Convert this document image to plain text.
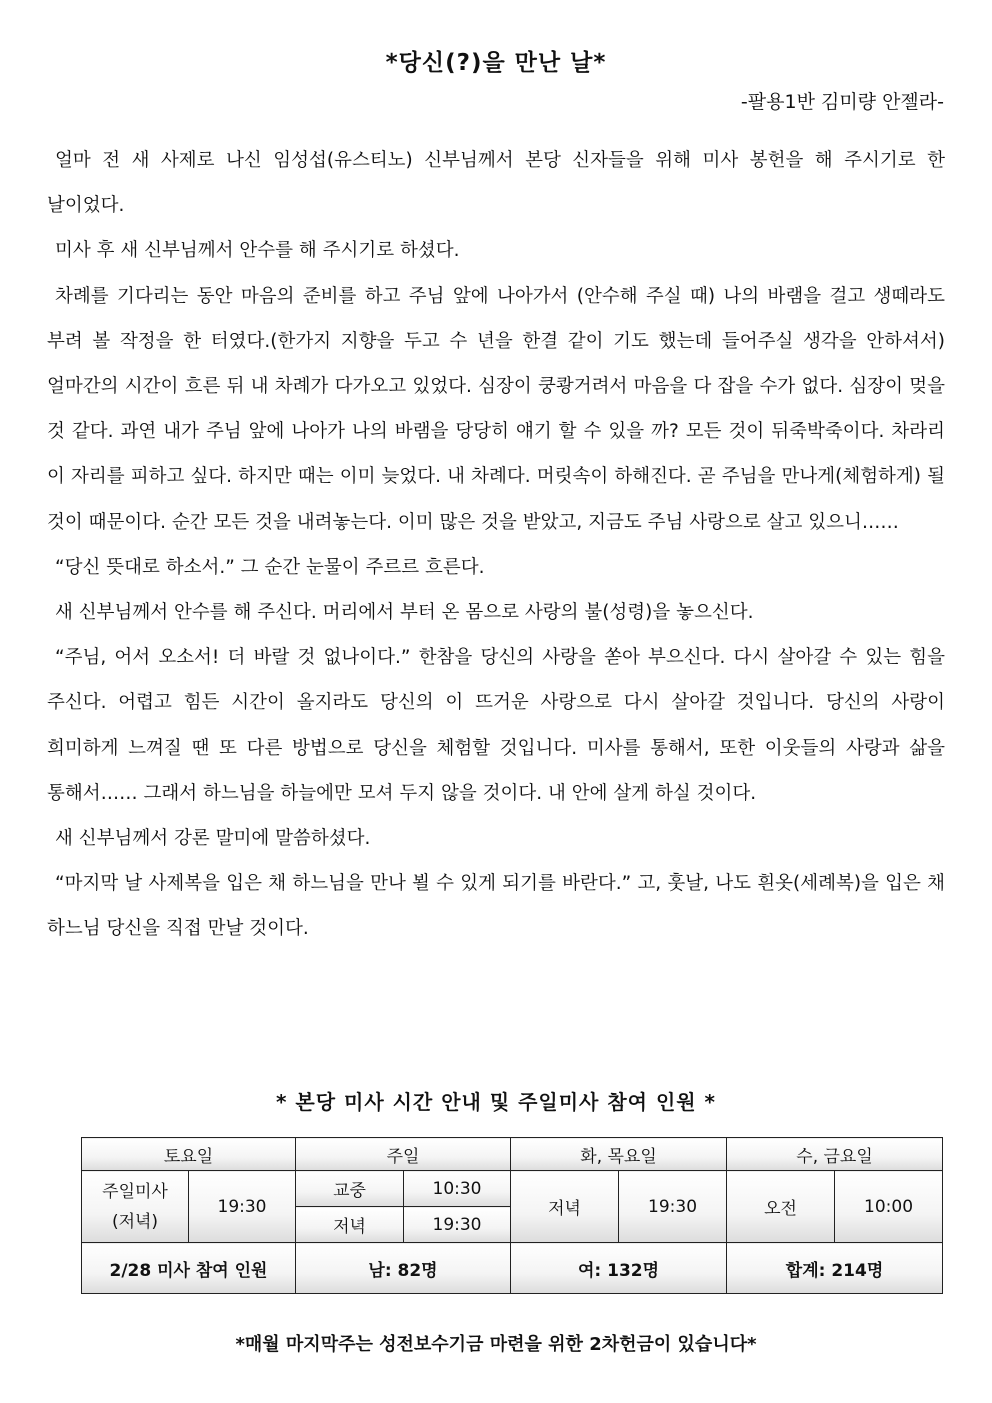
*당신(?)을 만난 날*
-팔용1반 김미량 안젤라-

얼마 전 새 사제로 나신 임성섭(유스티노) 신부님께서 본당 신자들을 위해 미사 봉헌을 해 주시기로 한 날이었다.

미사 후 새 신부님께서 안수를 해 주시기로 하셨다.

차례를 기다리는 동안 마음의 준비를 하고 주님 앞에 나아가서 (안수해 주실 때) 나의 바램을 걸고 생떼라도 부려 볼 작정을 한 터였다.(한가지 지향을 두고 수 년을 한결 같이 기도 했는데 들어주실 생각을 안하셔서) 얼마간의 시간이 흐른 뒤 내 차례가 다가오고 있었다. 심장이 쿵쾅거려서 마음을 다 잡을 수가 없다. 심장이 멎을 것 같다. 과연 내가 주님 앞에 나아가 나의 바램을 당당히 얘기 할 수 있을 까? 모든 것이 뒤죽박죽이다. 차라리 이 자리를 피하고 싶다. 하지만 때는 이미 늦었다. 내 차례다. 머릿속이 하해진다. 곧 주님을 만나게(체험하게) 될 것이 때문이다. 순간 모든 것을 내려놓는다. 이미 많은 것을 받았고, 지금도 주님 사랑으로 살고 있으니……

“당신 뜻대로 하소서.” 그 순간 눈물이 주르르 흐른다.

새 신부님께서 안수를 해 주신다. 머리에서 부터 온 몸으로 사랑의 불(성령)을 놓으신다.

“주님, 어서 오소서! 더 바랄 것 없나이다.” 한참을 당신의 사랑을 쏟아 부으신다. 다시 살아갈 수 있는 힘을 주신다. 어렵고 힘든 시간이 올지라도 당신의 이 뜨거운 사랑으로 다시 살아갈 것입니다. 당신의 사랑이 희미하게 느껴질 땐 또 다른 방법으로 당신을 체험할 것입니다. 미사를 통해서, 또한 이웃들의 사랑과 삶을 통해서…… 그래서 하느님을 하늘에만 모셔 두지 않을 것이다. 내 안에 살게 하실 것이다.

새 신부님께서 강론 말미에 말씀하셨다.

“마지막 날 사제복을 입은 채 하느님을 만나 뵐 수 있게 되기를 바란다.” 고, 훗날, 나도 흰옷(세례복)을 입은 채 하느님 당신을 직접 만날 것이다.

* 본당 미사 시간 안내 및 주일미사 참여 인원 *
토요일		주일		화, 목요일		수, 금요일	
주일미사
(저녁)	19:30	교중	10:30	저녁	19:30	오전	10:00
		저녁	19:30				
2/28 미사 참여 인원		남: 82명		여: 132명		합계: 214명	
*매월 마지막주는 성전보수기금 마련을 위한 2차헌금이 있습니다*
